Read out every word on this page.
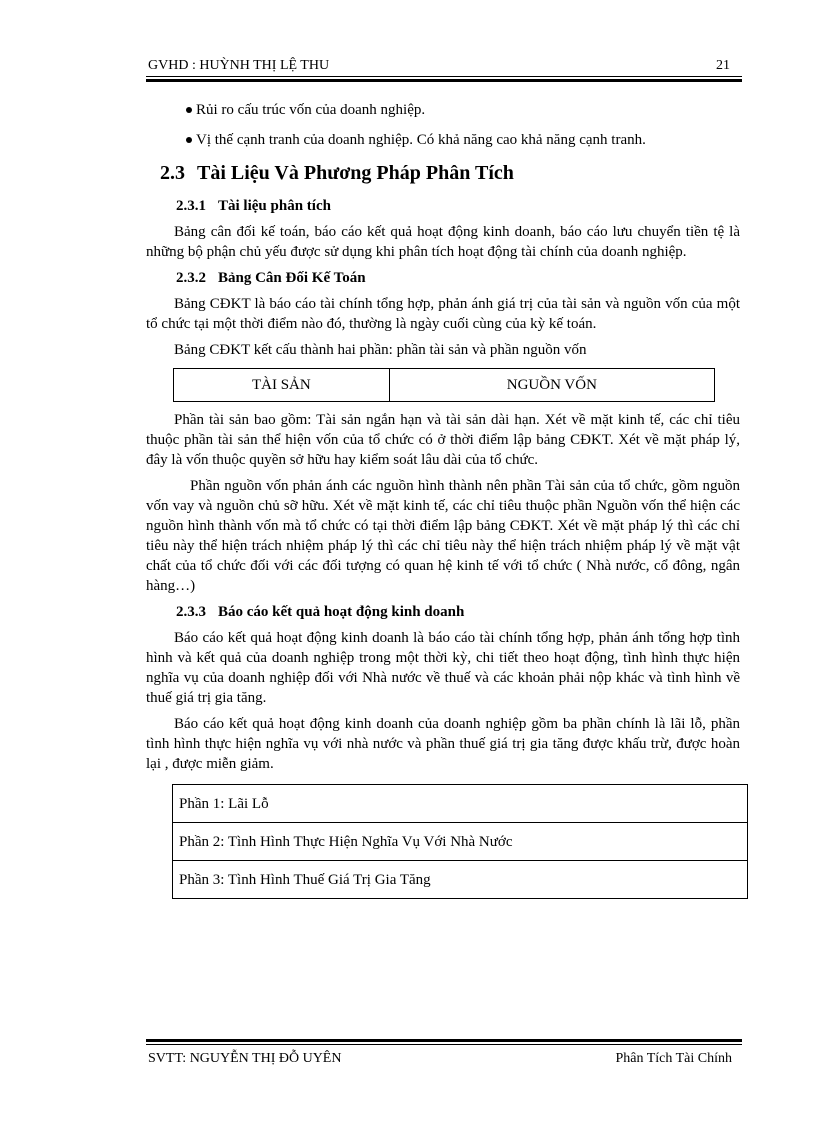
GVHD : HUỲNH THỊ LỆ THU	21
Rủi ro cấu trúc vốn của doanh nghiệp.
Vị thế cạnh tranh của doanh nghiệp. Có khả năng cao khả năng cạnh tranh.
2.3 Tài Liệu Và Phương Pháp Phân Tích
2.3.1 Tài liệu phân tích
Bảng cân đối kế toán, báo cáo kết quả hoạt động kinh doanh, báo cáo lưu chuyển tiền tệ là những bộ phận chủ yếu được sử dụng khi phân tích hoạt động tài chính của doanh nghiệp.
2.3.2 Bảng Cân Đối Kế Toán
Bảng CĐKT là báo cáo tài chính tổng hợp, phản ánh giá trị của tài sản và nguồn vốn của một tổ chức tại một thời điểm nào đó, thường là ngày cuối cùng của kỳ kế toán.
Bảng CĐKT kết cấu thành hai phần: phần tài sản và phần nguồn vốn
TÀI SẢN	NGUỒN VỐN
Phần tài sản bao gồm: Tài sản ngắn hạn và tài sản dài hạn. Xét về mặt kinh tế, các chỉ tiêu thuộc phần tài sản thể hiện vốn của tổ chức có ở thời điểm lập bảng CĐKT. Xét về mặt pháp lý, đây là vốn thuộc quyền sở hữu hay kiểm soát lâu dài của tổ chức.
Phần nguồn vốn phản ánh các nguồn hình thành nên phần Tài sản của tổ chức, gồm nguồn vốn vay và nguồn chủ sỡ hữu. Xét về mặt kinh tế, các chỉ tiêu thuộc phần Nguồn vốn thể hiện các nguồn hình thành vốn mà tổ chức có tại thời điểm lập bảng CĐKT. Xét về mặt pháp lý thì các chỉ tiêu này thể hiện trách nhiệm pháp lý thì các chỉ tiêu này thể hiện trách nhiệm pháp lý về mặt vật chất của tổ chức đối với các đối tượng có quan hệ kinh tế với tổ chức ( Nhà nước, cổ đông, ngân hàng…)
2.3.3 Báo cáo kết quả hoạt động kinh doanh
Báo cáo kết quả hoạt động kinh doanh là báo cáo tài chính tổng hợp, phản ánh tổng hợp tình hình và kết quả của doanh nghiệp trong một thời kỳ, chi tiết theo hoạt động, tình hình thực hiện nghĩa vụ của doanh nghiệp đối với Nhà nước về thuế và các khoản phải nộp khác và tình hình về thuế giá trị gia tăng.
Báo cáo kết quả hoạt động kinh doanh của doanh nghiệp gồm ba phần chính là lãi lỗ, phần tình hình thực hiện nghĩa vụ với nhà nước và phần thuế giá trị gia tăng được khấu trừ, được hoàn lại , được miễn giảm.
Phần 1: Lãi Lỗ
Phần 2: Tình Hình Thực Hiện Nghĩa Vụ Với Nhà Nước
Phần 3: Tình Hình Thuế Giá Trị Gia Tăng
SVTT: NGUYỄN THỊ ĐỖ UYÊN	Phân Tích Tài Chính
